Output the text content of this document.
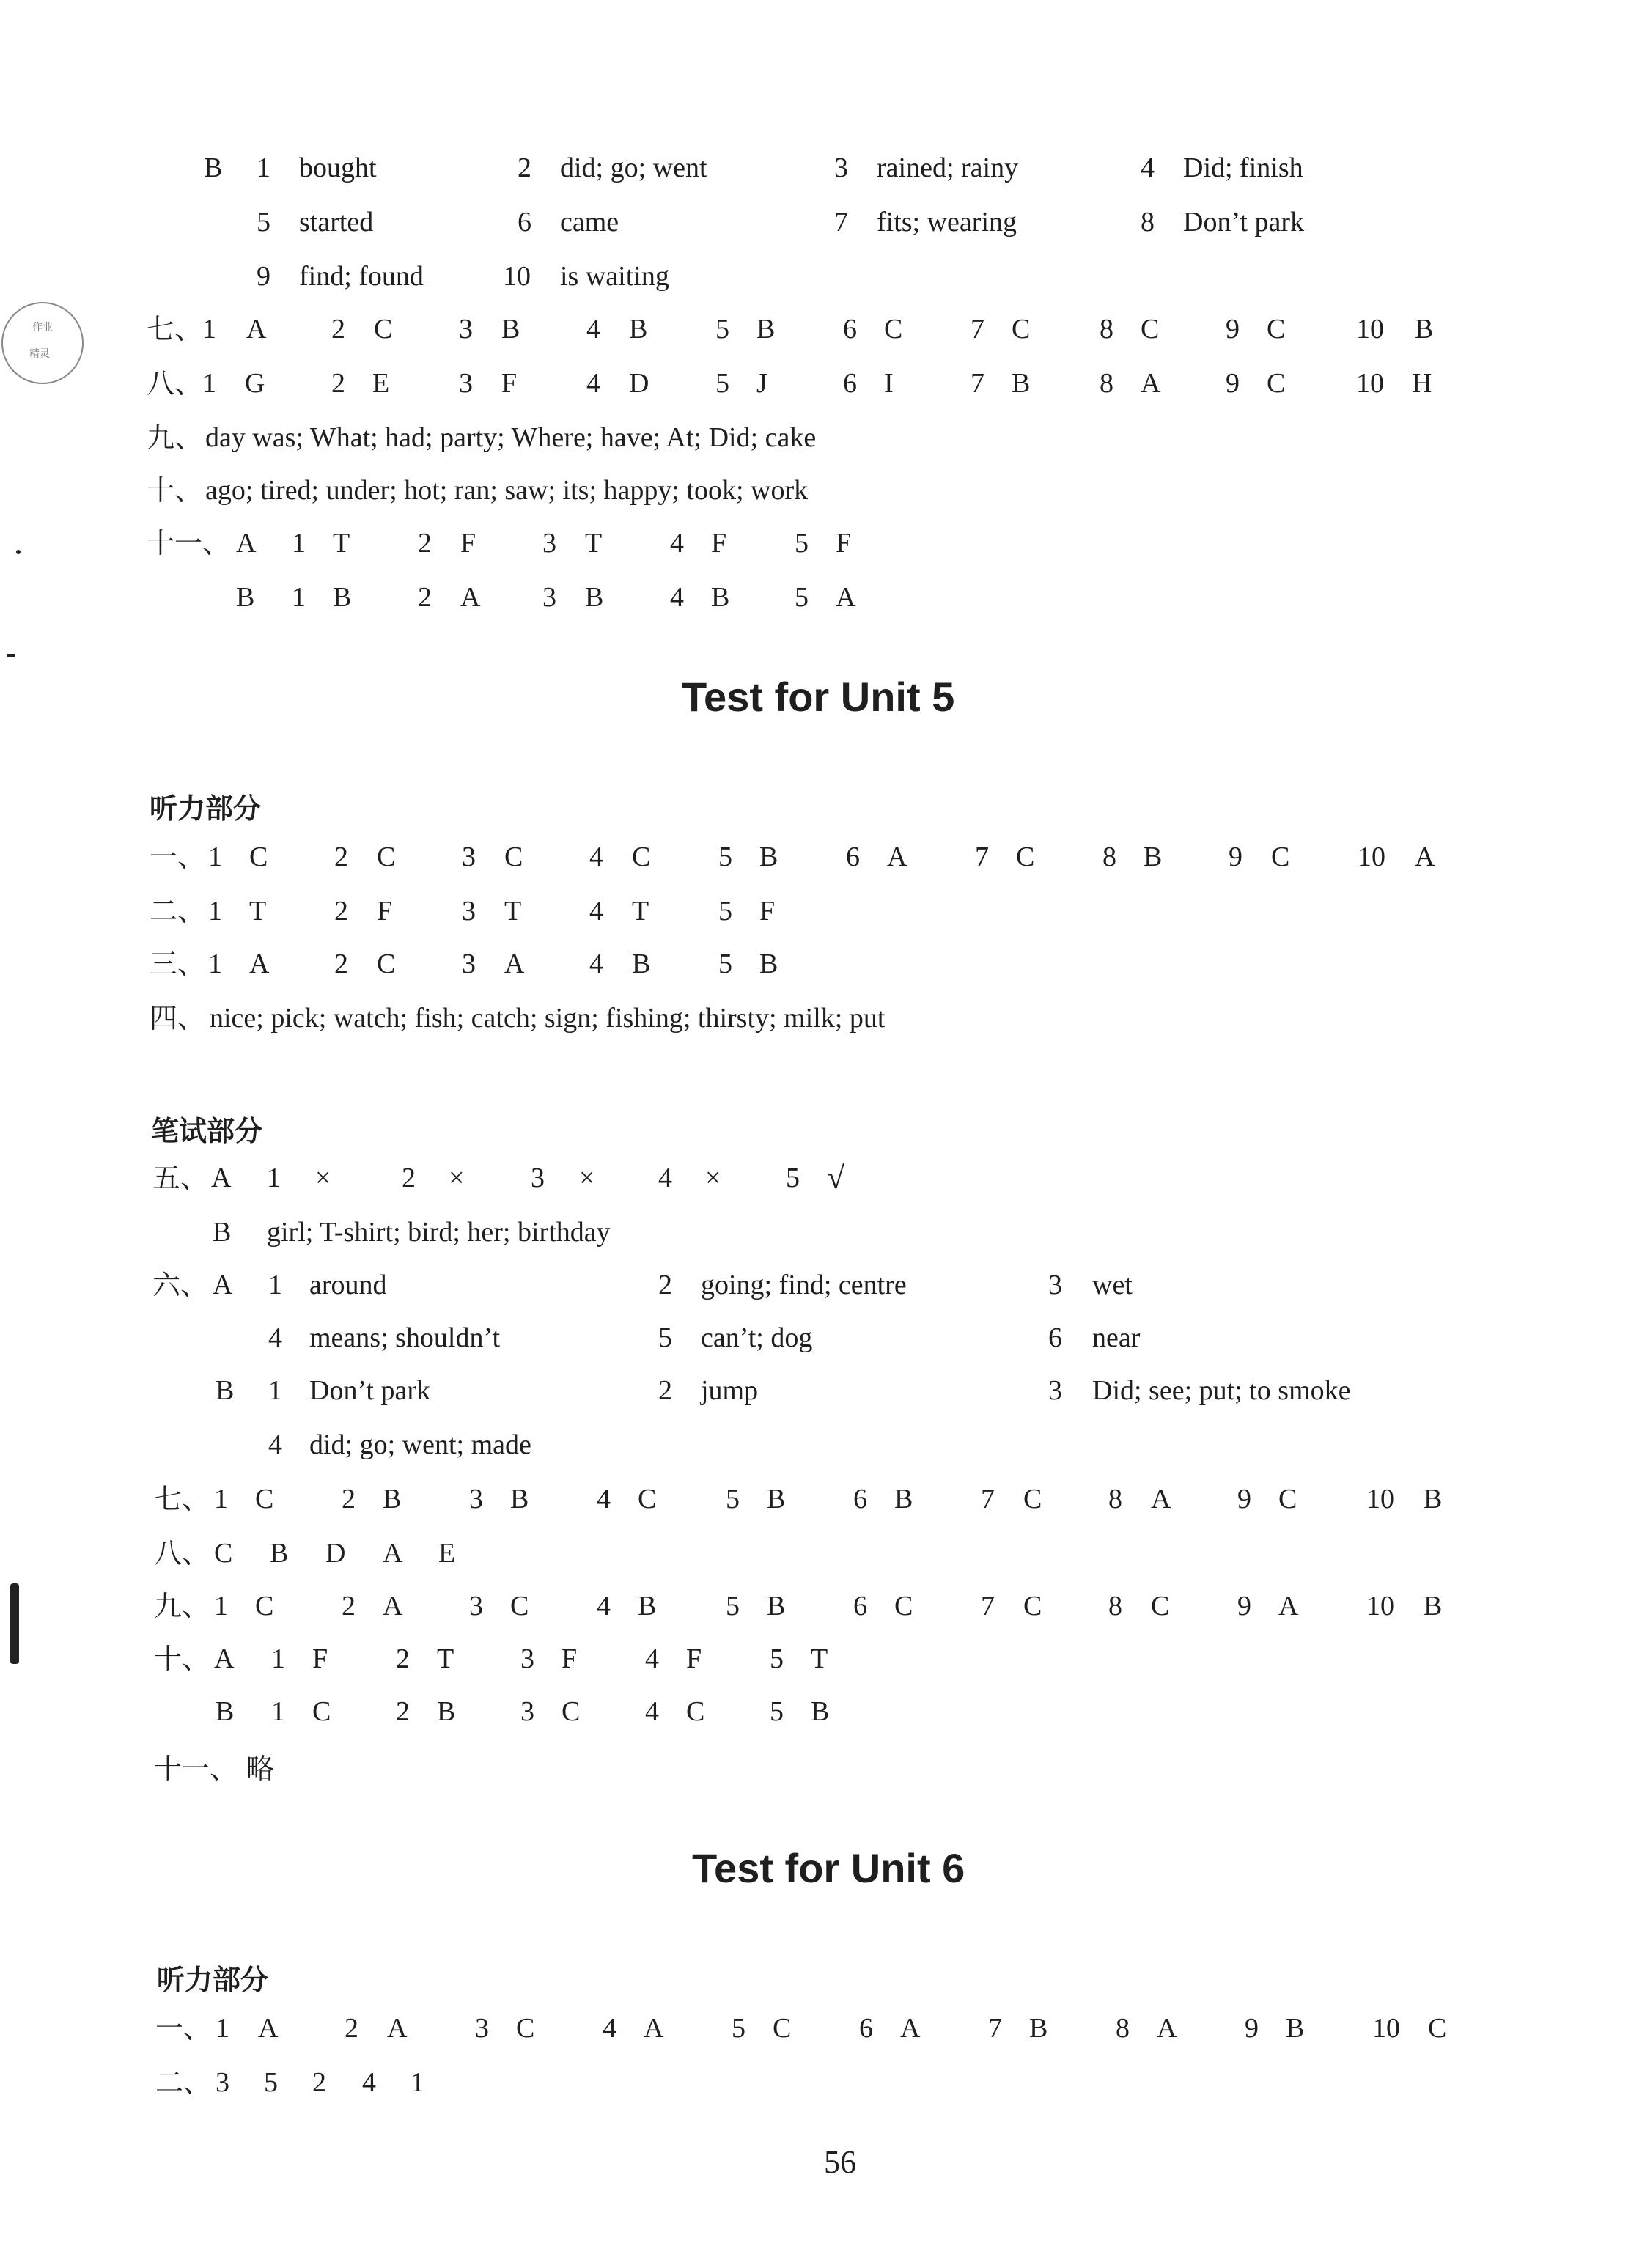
作业
精灵
B 1 bought	2 did; go; went	3 rained; rainy	4 Did; finish
5 started	6 came	7 fits; wearing	8 Don’t park
9 find; found	10 is waiting
七、 1 A 2 C 3 B 4 B 5 B 6 C 7 C 8 C 9 C	10 B
八、 1 G 2 E 3 F 4 D 5 J	6 I	7 B 8 A 9 C	10 H
九、 day was; What; had; party; Where; have; At; Did; cake
十、 ago; tired; under; hot; ran; saw; its; happy; took; work
十一、 A 1 T 2 F 3 T 4 F 5 F
B 1 B 2 A 3 B 4 B 5 A
Test for Unit 5
听力部分
一、 1 C 2 C 3 C 4 C 5 B 6 A 7 C 8 B 9 C 10 A
二、 1 T 2 F 3 T 4 T 5 F
三、 1 A 2 C 3 A 4 B 5 B
四、 nice; pick; watch; fish; catch; sign; fishing; thirsty; milk; put
笔试部分
五、 A 1 ×	2 × 3 × 4 × 5 √
B girl; T-shirt; bird; her; birthday
六、 A 1 around	2 going; find; centre	3 wet
4 means; shouldn’t	5 can’t; dog	6 near
B 1 Don’t park	2 jump	3 Did; see; put; to smoke
4 did; go; went; made
七、 1 C 2 B 3 B 4 C 5 B 6 B 7 C 8 A 9 C 10 B
八、 C B D A E
九、 1 C 2 A 3 C 4 B 5 B 6 C 7 C 8 C 9 A 10 B
十、 A 1 F 2 T 3 F 4 F 5 T
B 1 C 2 B 3 C 4 C 5 B
十一、 略
Test for Unit 6
听力部分
一、 1 A 2 A 3 C 4 A 5 C 6 A 7 B 8 A 9 B 10 C
二、 3 5 2 4 1
56
